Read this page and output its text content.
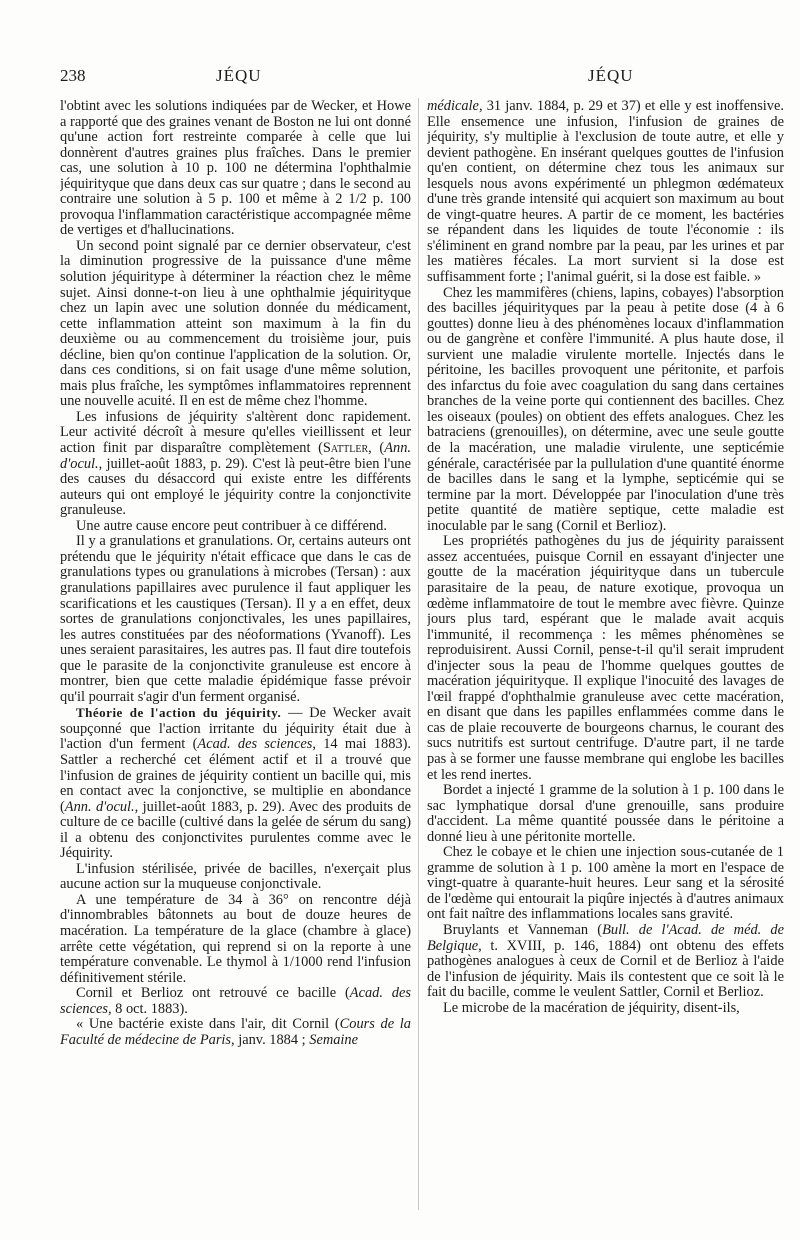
238	JÉQU	JÉQU

l'obtint avec les solutions indiquées par de Wecker, et Howe a rapporté que des graines venant de Boston ne lui ont donné qu'une action fort restreinte comparée à celle que lui donnèrent d'autres graines plus fraîches. Dans le premier cas, une solution à 10 p. 100 ne détermina l'ophthalmie jéquirityque que dans deux cas sur quatre ; dans le second au contraire une solution à 5 p. 100 et même à 2 1/2 p. 100 provoqua l'inflammation caractéristique accompagnée même de vertiges et d'hallucinations.

Un second point signalé par ce dernier observateur, c'est la diminution progressive de la puissance d'une même solution jéquiritype à déterminer la réaction chez le même sujet. Ainsi donne-t-on lieu à une ophthalmie jéquirityque chez un lapin avec une solution donnée du médicament, cette inflammation atteint son maximum à la fin du deuxième ou au commencement du troisième jour, puis décline, bien qu'on continue l'application de la solution. Or, dans ces conditions, si on fait usage d'une même solution, mais plus fraîche, les symptômes inflammatoires reprennent une nouvelle acuité. Il en est de même chez l'homme.

Les infusions de jéquirity s'altèrent donc rapidement. Leur activité décroît à mesure qu'elles vieillissent et leur action finit par disparaître complètement (Sattler, (Ann. d'ocul., juillet-août 1883, p. 29). C'est là peut-être bien l'une des causes du désaccord qui existe entre les différents auteurs qui ont employé le jéquirity contre la conjonctivite granuleuse.

Une autre cause encore peut contribuer à ce différend.

Il y a granulations et granulations. Or, certains auteurs ont prétendu que le jéquirity n'était efficace que dans le cas de granulations types ou granulations à microbes (Tersan) : aux granulations papillaires avec purulence il faut appliquer les scarifications et les caustiques (Tersan). Il y a en effet, deux sortes de granulations conjonctivales, les unes papillaires, les autres constituées par des néoformations (Yvanoff). Les unes seraient parasitaires, les autres pas. Il faut dire toutefois que le parasite de la conjonctivite granuleuse est encore à montrer, bien que cette maladie épidémique fasse prévoir qu'il pourrait s'agir d'un ferment organisé.

Théorie de l'action du jéquirity. — De Wecker avait soupçonné que l'action irritante du jéquirity était due à l'action d'un ferment (Acad. des sciences, 14 mai 1883). Sattler a recherché cet élément actif et il a trouvé que l'infusion de graines de jéquirity contient un bacille qui, mis en contact avec la conjonctive, se multiplie en abondance (Ann. d'ocul., juillet-août 1883, p. 29). Avec des produits de culture de ce bacille (cultivé dans la gelée de sérum du sang) il a obtenu des conjonctivites purulentes comme avec le Jéquirity.

L'infusion stérilisée, privée de bacilles, n'exerçait plus aucune action sur la muqueuse conjonctivale.

A une température de 34 à 36° on rencontre déjà d'innombrables bâtonnets au bout de douze heures de macération. La température de la glace (chambre à glace) arrête cette végétation, qui reprend si on la reporte à une température convenable. Le thymol à 1/1000 rend l'infusion définitivement stérile.

Cornil et Berlioz ont retrouvé ce bacille (Acad. des sciences, 8 oct. 1883).

« Une bactérie existe dans l'air, dit Cornil (Cours de la Faculté de médecine de Paris, janv. 1884 ; Semaine

médicale, 31 janv. 1884, p. 29 et 37) et elle y est inoffensive. Elle ensemence une infusion, l'infusion de graines de jéquirity, s'y multiplie à l'exclusion de toute autre, et elle y devient pathogène. En insérant quelques gouttes de l'infusion qu'en contient, on détermine chez tous les animaux sur lesquels nous avons expérimenté un phlegmon œdémateux d'une très grande intensité qui acquiert son maximum au bout de vingt-quatre heures. A partir de ce moment, les bactéries se répandent dans les liquides de toute l'économie : ils s'éliminent en grand nombre par la peau, par les urines et par les matières fécales. La mort survient si la dose est suffisamment forte ; l'animal guérit, si la dose est faible. »

Chez les mammifères (chiens, lapins, cobayes) l'absorption des bacilles jéquirityques par la peau à petite dose (4 à 6 gouttes) donne lieu à des phénomènes locaux d'inflammation ou de gangrène et confère l'immunité. A plus haute dose, il survient une maladie virulente mortelle. Injectés dans le péritoine, les bacilles provoquent une péritonite, et parfois des infarctus du foie avec coagulation du sang dans certaines branches de la veine porte qui contiennent des bacilles. Chez les oiseaux (poules) on obtient des effets analogues. Chez les batraciens (grenouilles), on détermine, avec une seule goutte de la macération, une maladie virulente, une septicémie générale, caractérisée par la pullulation d'une quantité énorme de bacilles dans le sang et la lymphe, septicémie qui se termine par la mort. Développée par l'inoculation d'une très petite quantité de matière septique, cette maladie est inoculable par le sang (Cornil et Berlioz).

Les propriétés pathogènes du jus de jéquirity paraissent assez accentuées, puisque Cornil en essayant d'injecter une goutte de la macération jéquirityque dans un tubercule parasitaire de la peau, de nature exotique, provoqua un œdème inflammatoire de tout le membre avec fièvre. Quinze jours plus tard, espérant que le malade avait acquis l'immunité, il recommença : les mêmes phénomènes se reproduisirent. Aussi Cornil, pense-t-il qu'il serait imprudent d'injecter sous la peau de l'homme quelques gouttes de macération jéquirityque. Il explique l'inocuité des lavages de l'œil frappé d'ophthalmie granuleuse avec cette macération, en disant que dans les papilles enflammées comme dans le cas de plaie recouverte de bourgeons charnus, le courant des sucs nutritifs est surtout centrifuge. D'autre part, il ne tarde pas à se former une fausse membrane qui englobe les bacilles et les rend inertes.

Bordet a injecté 1 gramme de la solution à 1 p. 100 dans le sac lymphatique dorsal d'une grenouille, sans produire d'accident. La même quantité poussée dans le péritoine a donné lieu à une péritonite mortelle.

Chez le cobaye et le chien une injection sous-cutanée de 1 gramme de solution à 1 p. 100 amène la mort en l'espace de vingt-quatre à quarante-huit heures. Leur sang et la sérosité de l'œdème qui entourait la piqûre injectés à d'autres animaux ont fait naître des inflammations locales sans gravité.

Bruylants et Vanneman (Bull. de l'Acad. de méd. de Belgique, t. XVIII, p. 146, 1884) ont obtenu des effets pathogènes analogues à ceux de Cornil et de Berlioz à l'aide de l'infusion de jéquirity. Mais ils contestent que ce soit là le fait du bacille, comme le veulent Sattler, Cornil et Berlioz.

Le microbe de la macération de jéquirity, disent-ils,
